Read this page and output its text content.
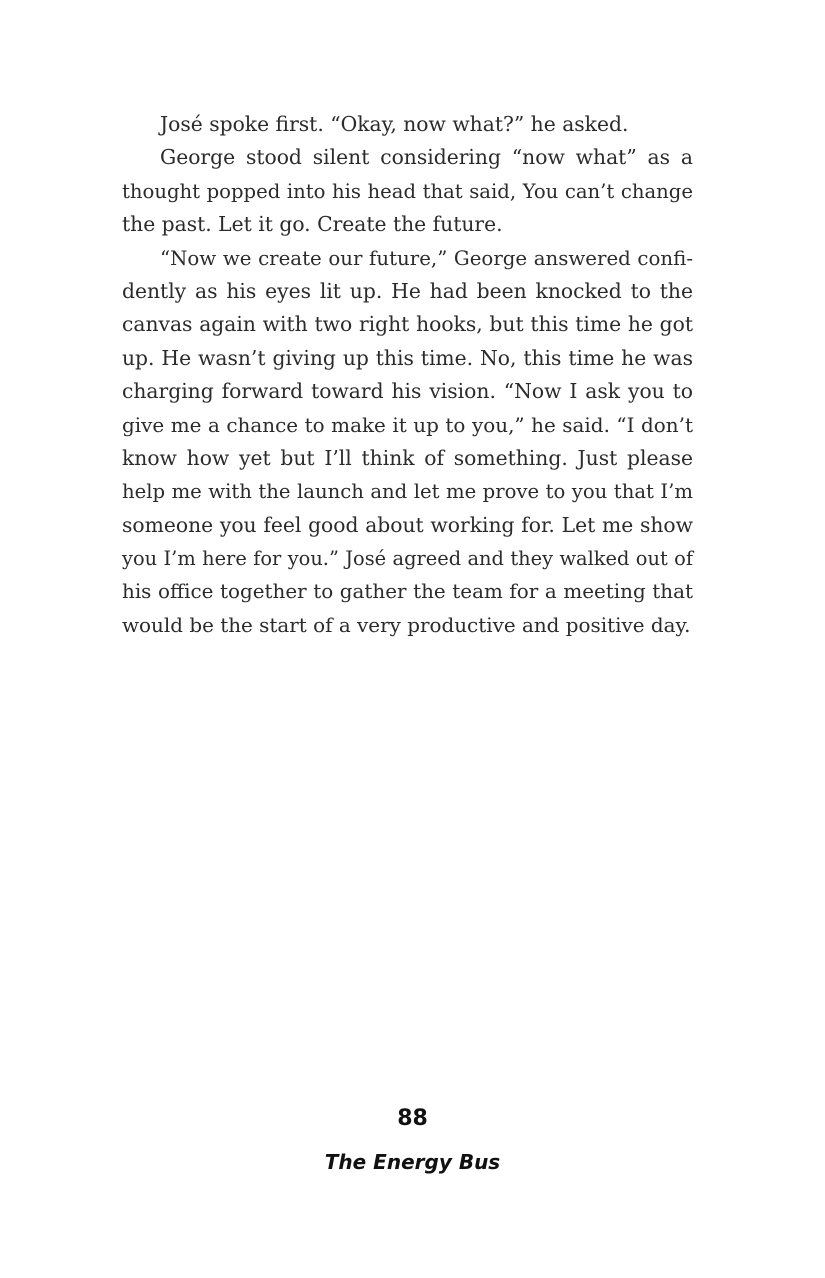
José spoke first. “Okay, now what?” he asked.
George stood silent considering “now what” as a
thought popped into his head that said, You can’t change
the past. Let it go. Create the future.
“Now we create our future,” George answered confi-
dently as his eyes lit up. He had been knocked to the
canvas again with two right hooks, but this time he got
up. He wasn’t giving up this time. No, this time he was
charging forward toward his vision. “Now I ask you to
give me a chance to make it up to you,” he said. “I don’t
know how yet but I’ll think of something. Just please
help me with the launch and let me prove to you that I’m
someone you feel good about working for. Let me show
you I’m here for you.” José agreed and they walked out of
his office together to gather the team for a meeting that
would be the start of a very productive and positive day.

88

The Energy Bus
